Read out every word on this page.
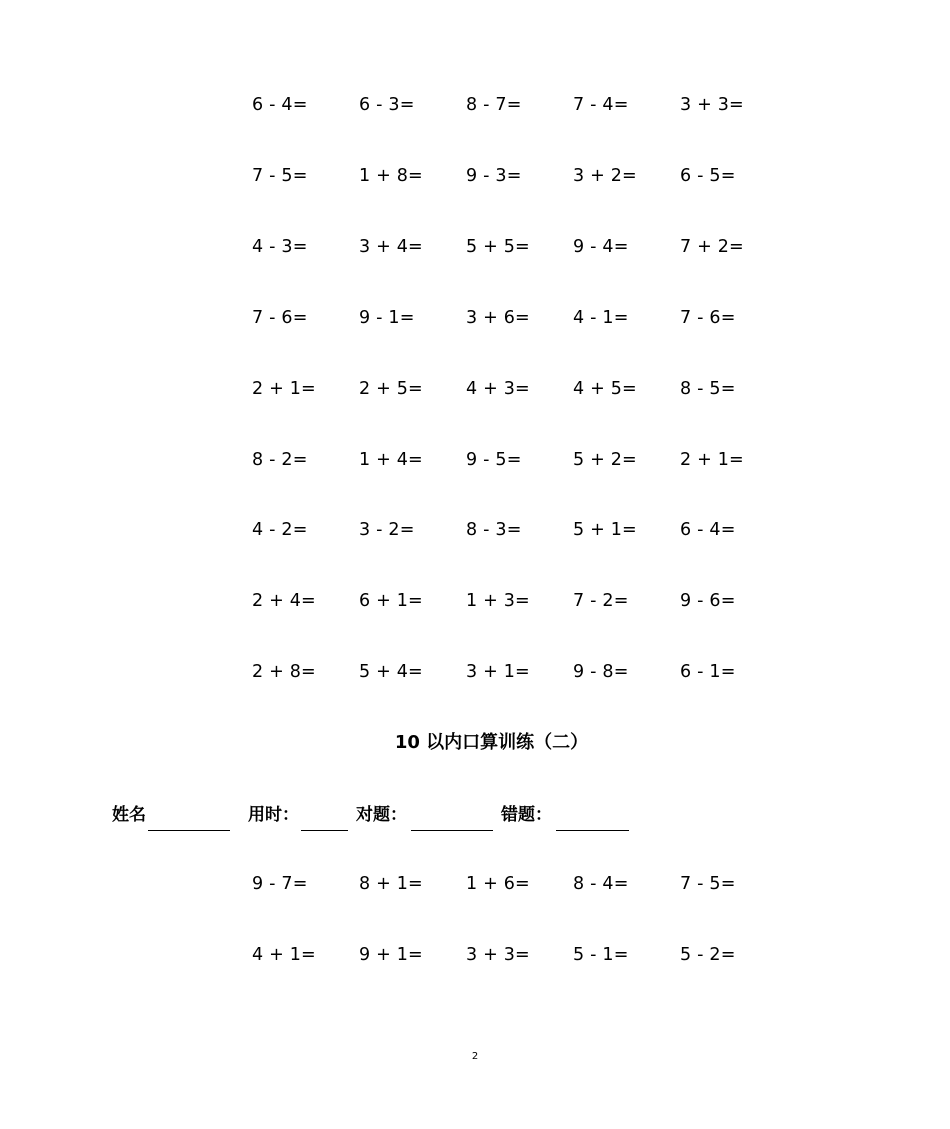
6 - 4=	6 - 3=	8 - 7=	7 - 4=	3 + 3=
7 - 5=	1 + 8= 9 - 3=	3 + 2= 6 - 5=
4 - 3=	3 + 4= 5 + 5= 9 - 4=	7 + 2=
7 - 6=	9 - 1=	3 + 6= 4 - 1=	7 - 6=
2 + 1= 2 + 5= 4 + 3= 4 + 5= 8 - 5=
8 - 2=	1 + 4= 9 - 5=	5 + 2= 2 + 1=
4 - 2=	3 - 2=	8 - 3=	5 + 1= 6 - 4=
2 + 4= 6 + 1= 1 + 3= 7 - 2=	9 - 6=
2 + 8= 5 + 4= 3 + 1= 9 - 8=	6 - 1=
10 以内口算训练（二）
姓名	用时：	对题：	错题：
9 - 7=	8 + 1= 1 + 6= 8 - 4=	7 - 5=
4 + 1= 9 + 1= 3 + 3= 5 - 1=	5 - 2=
2
